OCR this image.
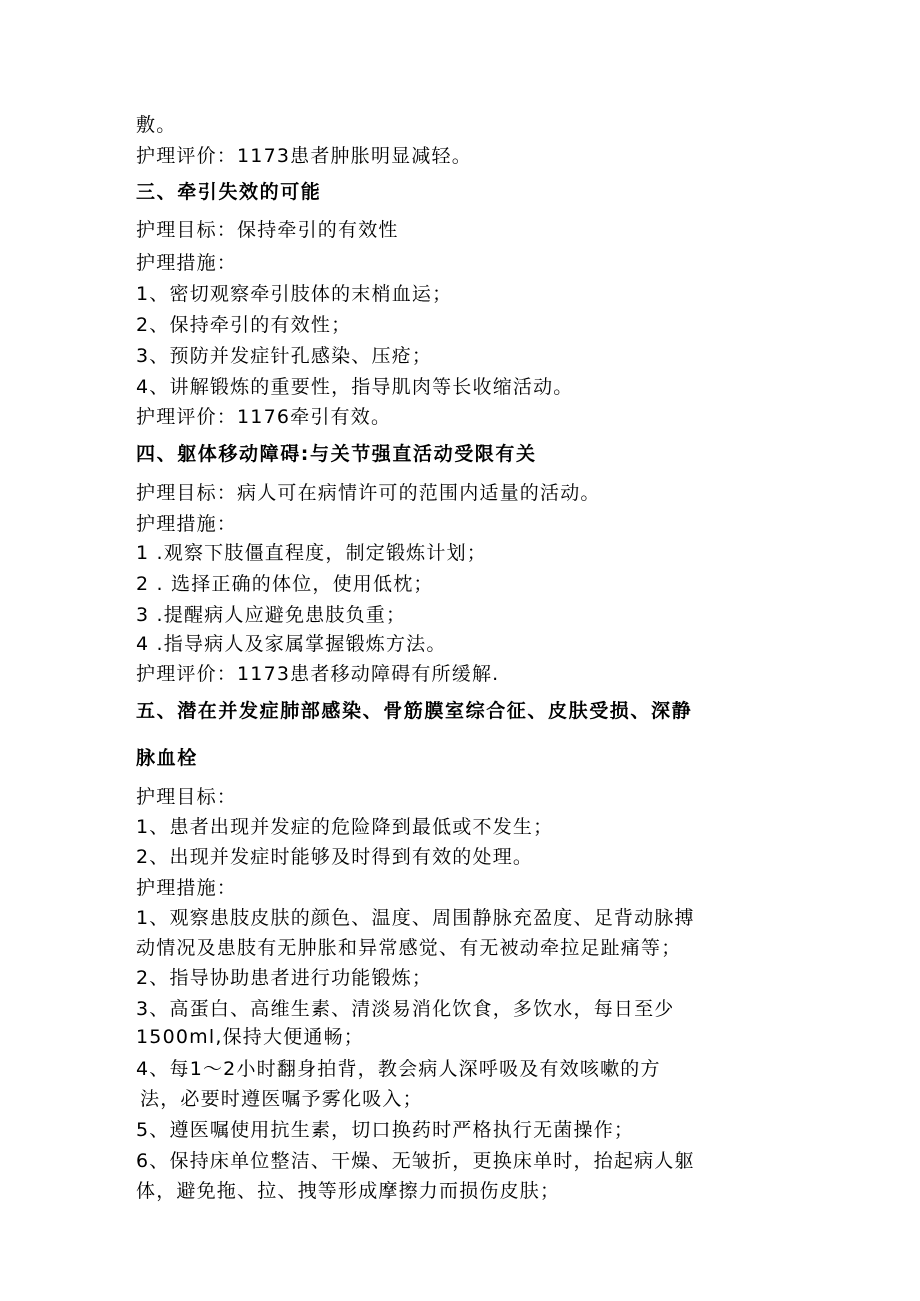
敷。
护理评价：1173患者肿胀明显减轻。
三、牵引失效的可能
护理目标：保持牵引的有效性
护理措施：
1、密切观察牵引肢体的末梢血运；
2、保持牵引的有效性；
3、预防并发症针孔感染、压疮；
4、讲解锻炼的重要性，指导肌肉等长收缩活动。
护理评价：1176牵引有效。
四、躯体移动障碍:与关节强直活动受限有关
护理目标：病人可在病情许可的范围内适量的活动。
护理措施：
1 .观察下肢僵直程度，制定锻炼计划；
2 . 选择正确的体位，使用低枕；
3 .提醒病人应避免患肢负重；
4 .指导病人及家属掌握锻炼方法。
护理评价：1173患者移动障碍有所缓解.
五、潜在并发症肺部感染、骨筋膜室综合征、皮肤受损、深静
脉血栓
护理目标：
1、患者出现并发症的危险降到最低或不发生；
2、出现并发症时能够及时得到有效的处理。
护理措施：
1、观察患肢皮肤的颜色、温度、周围静脉充盈度、足背动脉搏
动情况及患肢有无肿胀和异常感觉、有无被动牵拉足趾痛等；
2、指导协助患者进行功能锻炼；
3、高蛋白、高维生素、清淡易消化饮食，多饮水，每日至少
1500ml,保持大便通畅；
4、每1～2小时翻身拍背，教会病人深呼吸及有效咳嗽的方
法，必要时遵医嘱予雾化吸入；
5、遵医嘱使用抗生素，切口换药时严格执行无菌操作；
6、保持床单位整洁、干燥、无皱折，更换床单时，抬起病人躯
体，避免拖、拉、拽等形成摩擦力而损伤皮肤；
